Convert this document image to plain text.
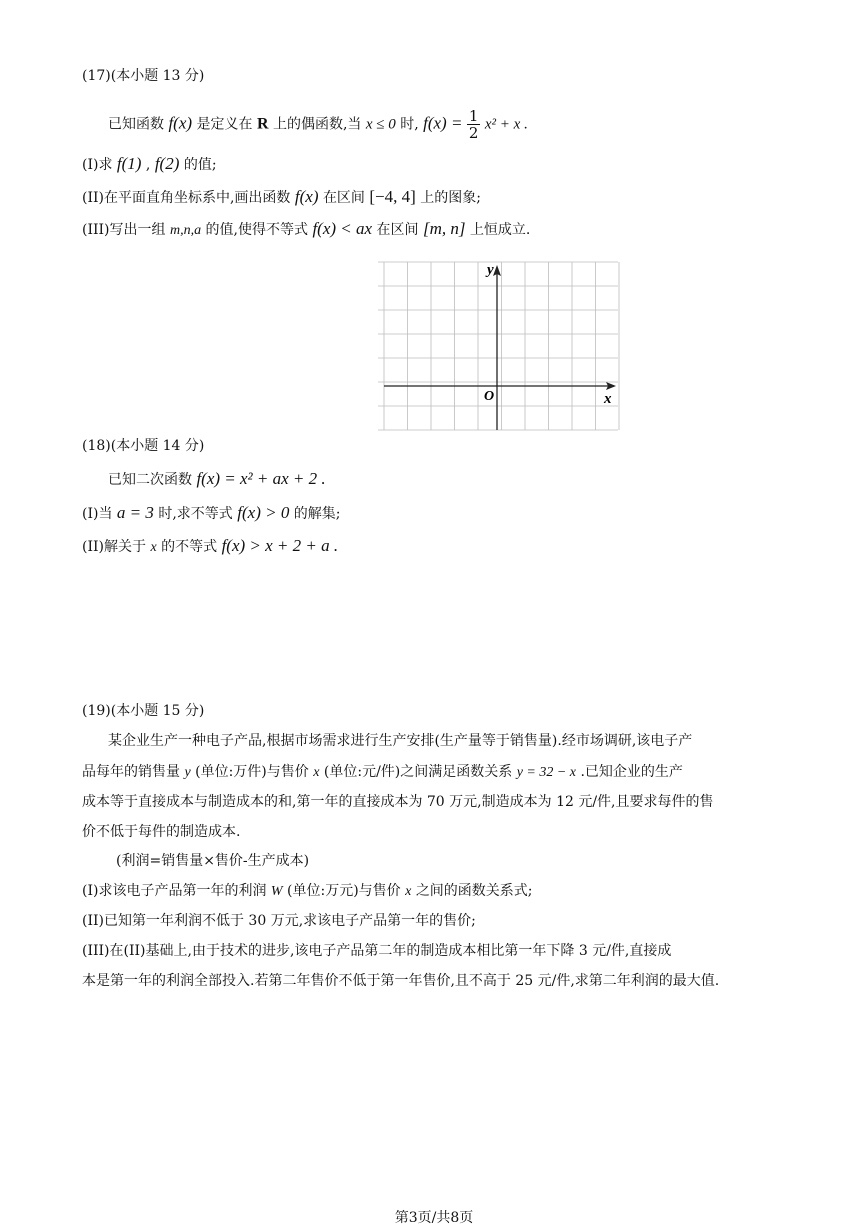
(17)(本小题 13 分)
已知函数 f(x) 是定义在 R 上的偶函数,当 x ≤ 0 时, $f(x) = \frac{1}{2} x^2 + x$ .
(I)求 f(1) , f(2) 的值;
(II)在平面直角坐标系中,画出函数 f(x) 在区间 [−4, 4] 上的图象;
(III)写出一组 m,n,a 的值,使得不等式 f(x) < ax 在区间 [m, n] 上恒成立.
y
x
O
(18)(本小题 14 分)
已知二次函数 f(x) = x² + ax + 2 .
(I)当 a = 3 时,求不等式 f(x) > 0 的解集;
(II)解关于 x 的不等式 f(x) > x + 2 + a .
(19)(本小题 15 分)
某企业生产一种电子产品,根据市场需求进行生产安排(生产量等于销售量).经市场调研,该电子产
品每年的销售量 y (单位:万件)与售价 x (单位:元/件)之间满足函数关系 y = 32 − x .已知企业的生产
成本等于直接成本与制造成本的和,第一年的直接成本为 70 万元,制造成本为 12 元/件,且要求每件的售
价不低于每件的制造成本.
(利润=销售量×售价-生产成本)
(I)求该电子产品第一年的利润 W (单位:万元)与售价 x 之间的函数关系式;
(II)已知第一年利润不低于 30 万元,求该电子产品第一年的售价;
(III)在(II)基础上,由于技术的进步,该电子产品第二年的制造成本相比第一年下降 3 元/件,直接成
本是第一年的利润全部投入.若第二年售价不低于第一年售价,且不高于 25 元/件,求第二年利润的最大值.
第3页/共8页
